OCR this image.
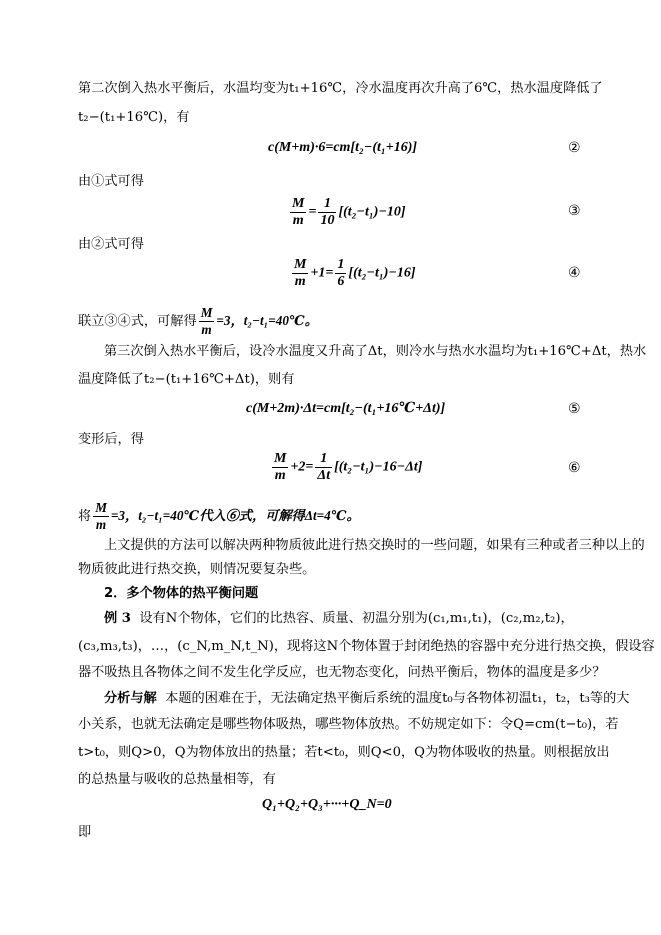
第二次倒入热水平衡后，水温均变为t₁+16℃，冷水温度再次升高了6℃，热水温度降低了
t₂−(t₁+16℃)，有
c(M+m)·6=cm[t₂−(t₁+16)]	②
由①式可得
$\frac{M}{m} = \frac{1}{10} [(t_2-t_1)-10]$	③
由②式可得
$\frac{M}{m} +1= \frac{1}{6} [(t_2-t_1)-16]$	④
联立③④式，可解得 $\frac{M}{m} =3$，t₂−t₁=40℃。
第三次倒入热水平衡后，设冷水温度又升高了Δt，则冷水与热水水温均为t₁+16℃+Δt，热水
温度降低了t₂−(t₁+16℃+Δt)，则有
c(M+2m)·Δt=cm[t₂−(t₁+16℃+Δt)]	⑤
变形后，得
$\frac{M}{m} +2= \frac{1}{\Delta t} [(t_2-t_1)-16-\Delta t]$	⑥
将 $\frac{M}{m} =3$，t₂−t₁=40℃代入⑥式，可解得Δt=4℃。
上文提供的方法可以解决两种物质彼此进行热交换时的一些问题，如果有三种或者三种以上的
物质彼此进行热交换，则情况要复杂些。
2．多个物体的热平衡问题
例 3 设有N个物体，它们的比热容、质量、初温分别为(c₁,m₁,t₁)，(c₂,m₂,t₂)，
(c₃,m₃,t₃)，…，(c_N,m_N,t_N)，现将这N个物体置于封闭绝热的容器中充分进行热交换，假设容
器不吸热且各物体之间不发生化学反应，也无物态变化，问热平衡后，物体的温度是多少？
分析与解 本题的困难在于，无法确定热平衡后系统的温度t₀与各物体初温t₁，t₂，t₃等的大
小关系，也就无法确定是哪些物体吸热，哪些物体放热。不妨规定如下：令Q=cm(t−t₀)，若
t>t₀，则Q>0，Q为物体放出的热量；若t<t₀，则Q<0，Q为物体吸收的热量。则根据放出
的总热量与吸收的总热量相等，有
Q₁+Q₂+Q₃+···+Q_N=0
即
